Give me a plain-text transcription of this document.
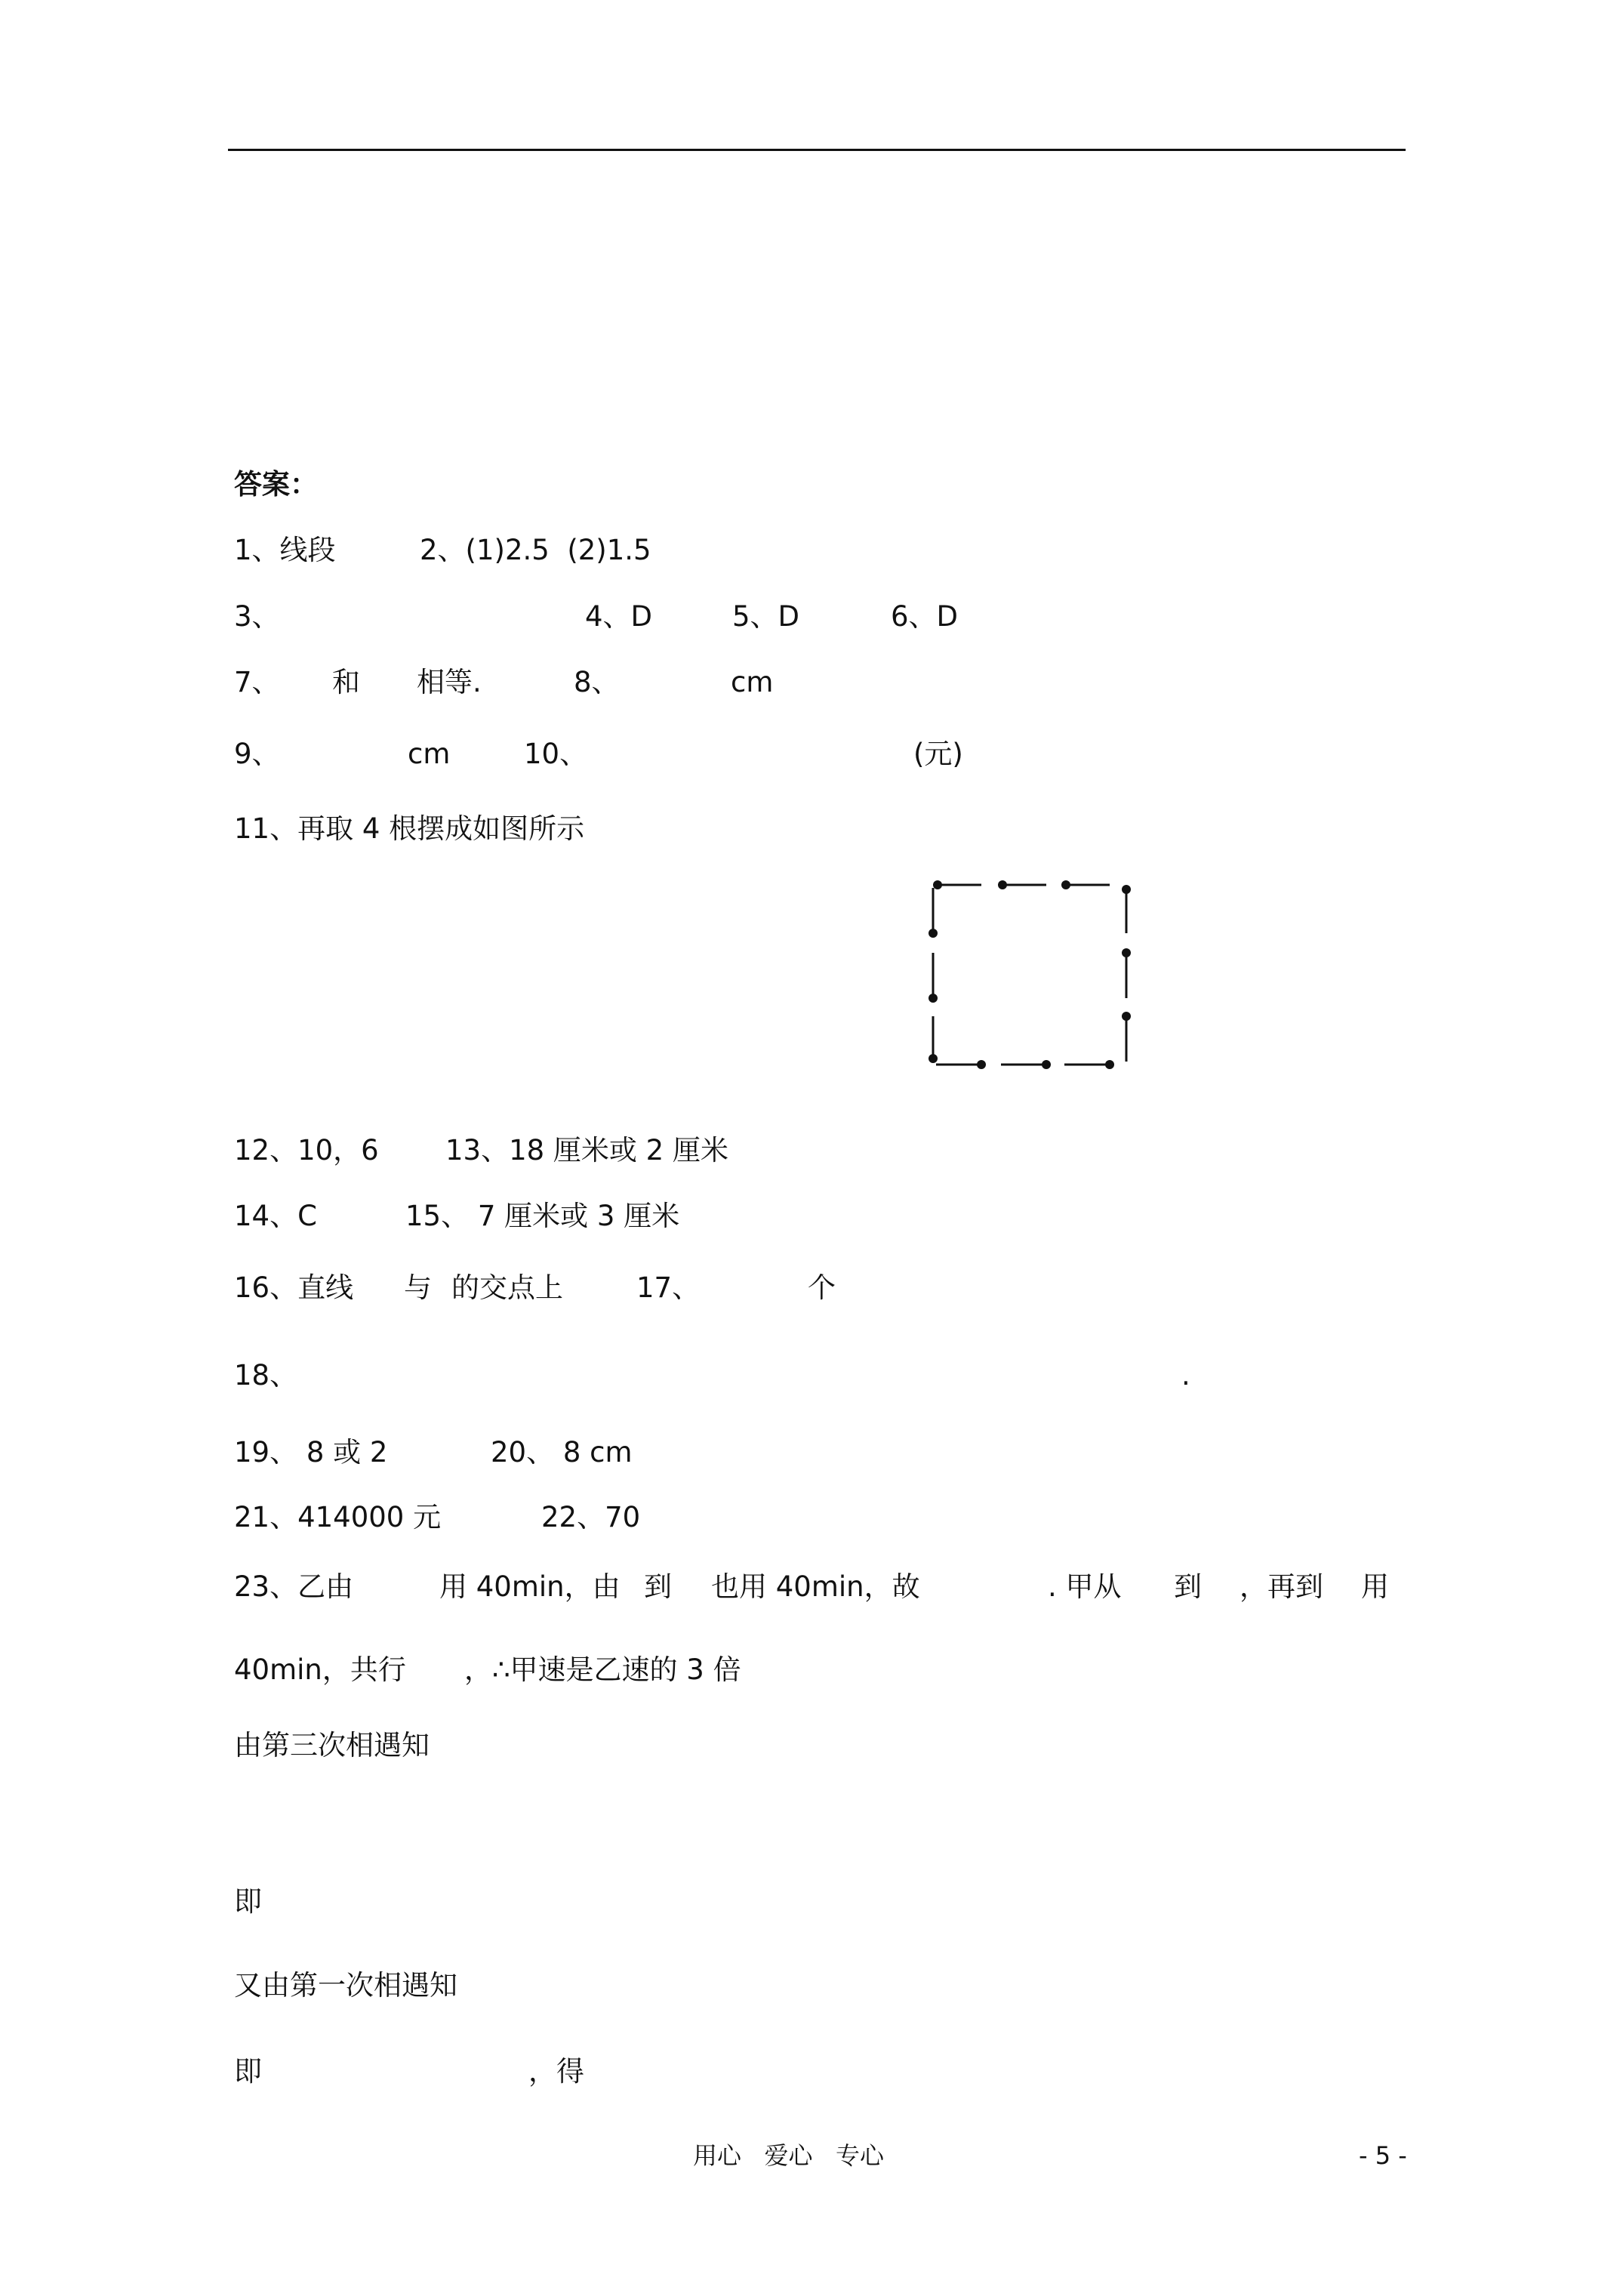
答案：
1、线段	2、(1)2.5  (2)1.5
3、	4、D	5、D	6、D
7、 和 相等.	8、	cm
9、	cm	10、	(元)
11、再取 4 根摆成如图所示
12、10，6 13、18 厘米或 2 厘米
14、C	15、 7 厘米或 3 厘米
16、直线 与 的交点上	17、	个
18、	.
19、 8 或 2	20、 8 cm
21、414000 元	22、70
23、乙由	用 40min，由 到 也用 40min，故	. 甲从 到 ，再到 用
40min，共行 ，∴甲速是乙速的 3 倍
由第三次相遇知
即
又由第一次相遇知
即	，得
用心   爱心   专心	- 5 -
